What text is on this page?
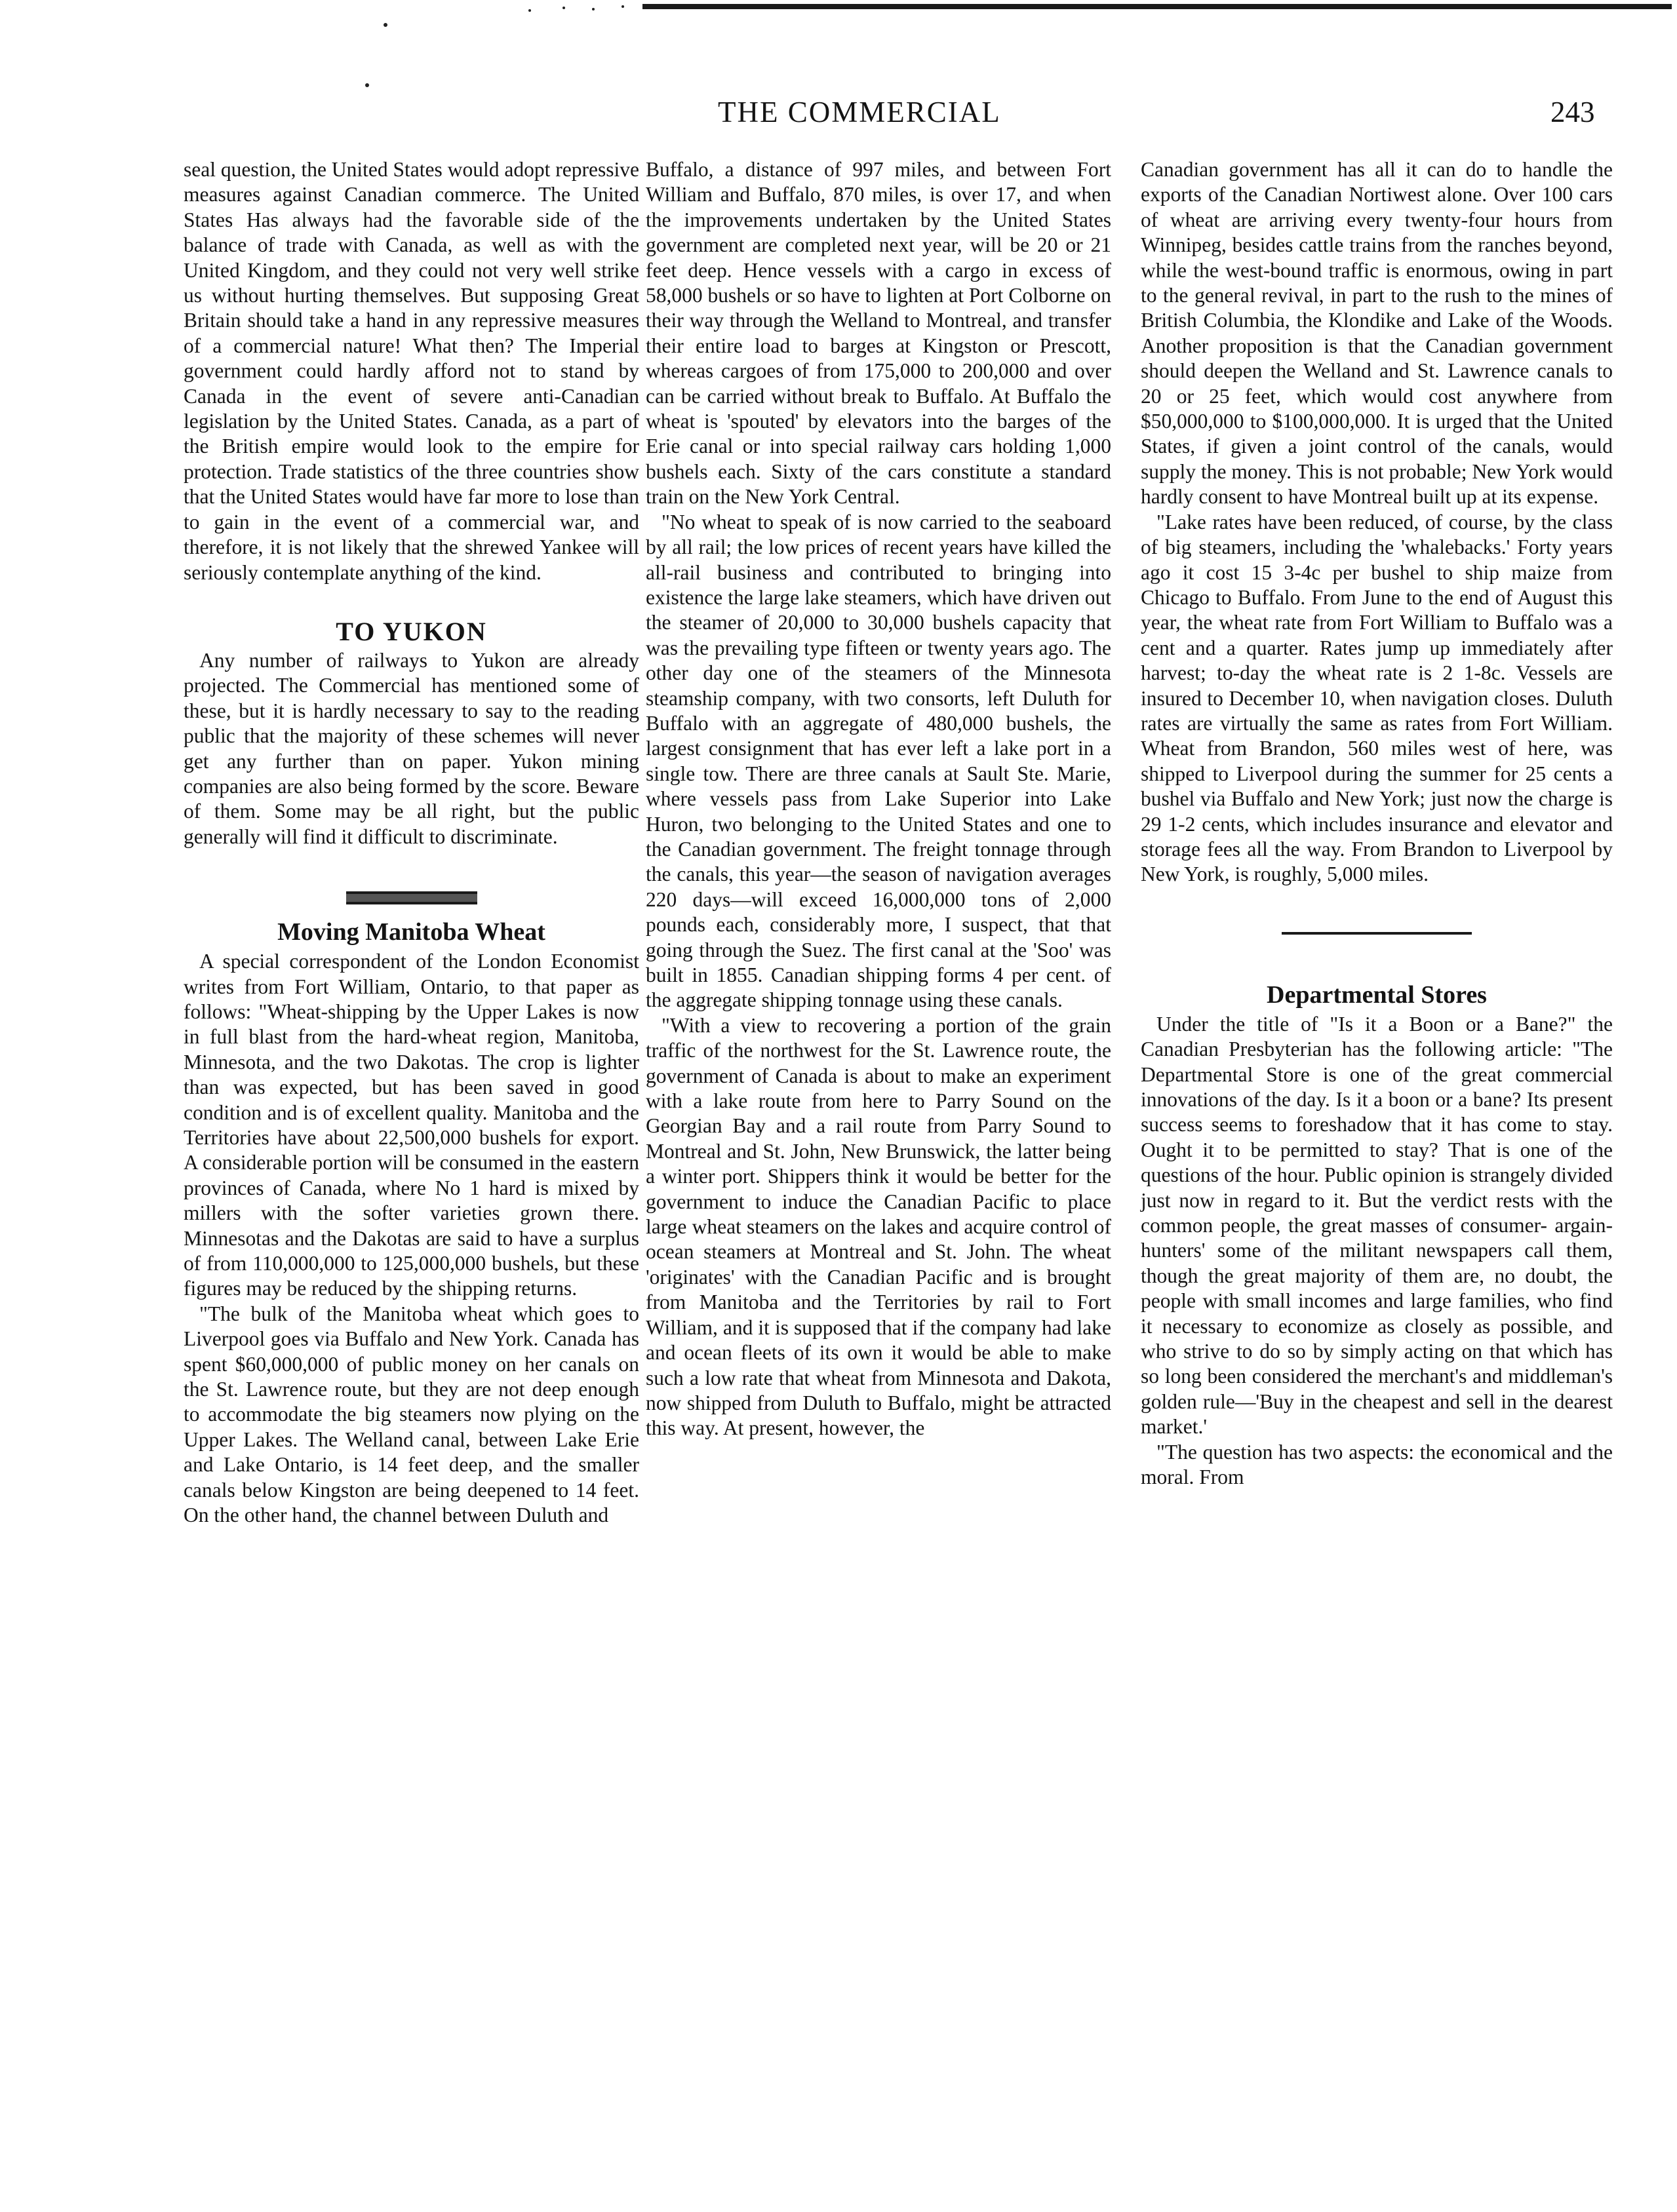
THE COMMERCIAL	243

seal question, the United States would adopt repressive measures against Canadian commerce. The United States Has always had the favorable side of the balance of trade with Canada, as well as with the United Kingdom, and they could not very well strike us without hurting themselves. But supposing Great Britain should take a hand in any repressive measures of a commercial nature! What then? The Imperial government could hardly afford not to stand by Canada in the event of severe anti-Canadian legislation by the United States. Canada, as a part of the British empire would look to the empire for protection. Trade statistics of the three countries show that the United States would have far more to lose than to gain in the event of a commercial war, and therefore, it is not likely that the shrewed Yankee will seriously contemplate anything of the kind.

TO YUKON

Any number of railways to Yukon are already projected. The Commercial has mentioned some of these, but it is hardly necessary to say to the reading public that the majority of these schemes will never get any further than on paper. Yukon mining companies are also being formed by the score. Beware of them. Some may be all right, but the public generally will find it difficult to discriminate.

Moving Manitoba Wheat

A special correspondent of the London Economist writes from Fort William, Ontario, to that paper as follows: "Wheat-shipping by the Upper Lakes is now in full blast from the hard-wheat region, Manitoba, Minnesota, and the two Dakotas. The crop is lighter than was expected, but has been saved in good condition and is of excellent quality. Manitoba and the Territories have about 22,500,000 bushels for export. A considerable portion will be consumed in the eastern provinces of Canada, where No 1 hard is mixed by millers with the softer varieties grown there. Minnesotas and the Dakotas are said to have a surplus of from 110,000,000 to 125,000,000 bushels, but these figures may be reduced by the shipping returns.

"The bulk of the Manitoba wheat which goes to Liverpool goes via Buffalo and New York. Canada has spent $60,000,000 of public money on her canals on the St. Lawrence route, but they are not deep enough to accommodate the big steamers now plying on the Upper Lakes. The Welland canal, between Lake Erie and Lake Ontario, is 14 feet deep, and the smaller canals below Kingston are being deepened to 14 feet. On the other hand, the channel between Duluth and

Buffalo, a distance of 997 miles, and between Fort William and Buffalo, 870 miles, is over 17, and when the improvements undertaken by the United States government are completed next year, will be 20 or 21 feet deep. Hence vessels with a cargo in excess of 58,000 bushels or so have to lighten at Port Colborne on their way through the Welland to Montreal, and transfer their entire load to barges at Kingston or Prescott, whereas cargoes of from 175,000 to 200,000 and over can be carried without break to Buffalo. At Buffalo the wheat is 'spouted' by elevators into the barges of the Erie canal or into special railway cars holding 1,000 bushels each. Sixty of the cars constitute a standard train on the New York Central.

"No wheat to speak of is now carried to the seaboard by all rail; the low prices of recent years have killed the all-rail business and contributed to bringing into existence the large lake steamers, which have driven out the steamer of 20,000 to 30,000 bushels capacity that was the prevailing type fifteen or twenty years ago. The other day one of the steamers of the Minnesota steamship company, with two consorts, left Duluth for Buffalo with an aggregate of 480,000 bushels, the largest consignment that has ever left a lake port in a single tow. There are three canals at Sault Ste. Marie, where vessels pass from Lake Superior into Lake Huron, two belonging to the United States and one to the Canadian government. The freight tonnage through the canals, this year—the season of navigation averages 220 days—will exceed 16,000,000 tons of 2,000 pounds each, considerably more, I suspect, that that going through the Suez. The first canal at the 'Soo' was built in 1855. Canadian shipping forms 4 per cent. of the aggregate shipping tonnage using these canals.

"With a view to recovering a portion of the grain traffic of the northwest for the St. Lawrence route, the government of Canada is about to make an experiment with a lake route from here to Parry Sound on the Georgian Bay and a rail route from Parry Sound to Montreal and St. John, New Brunswick, the latter being a winter port. Shippers think it would be better for the government to induce the Canadian Pacific to place large wheat steamers on the lakes and acquire control of ocean steamers at Montreal and St. John. The wheat 'originates' with the Canadian Pacific and is brought from Manitoba and the Territories by rail to Fort William, and it is supposed that if the company had lake and ocean fleets of its own it would be able to make such a low rate that wheat from Minnesota and Dakota, now shipped from Duluth to Buffalo, might be attracted this way. At present, however, the

Canadian government has all it can do to handle the exports of the Canadian Nortiwest alone. Over 100 cars of wheat are arriving every twenty-four hours from Winnipeg, besides cattle trains from the ranches beyond, while the west-bound traffic is enormous, owing in part to the general revival, in part to the rush to the mines of British Columbia, the Klondike and Lake of the Woods. Another proposition is that the Canadian government should deepen the Welland and St. Lawrence canals to 20 or 25 feet, which would cost anywhere from $50,000,000 to $100,000,000. It is urged that the United States, if given a joint control of the canals, would supply the money. This is not probable; New York would hardly consent to have Montreal built up at its expense.

"Lake rates have been reduced, of course, by the class of big steamers, including the 'whalebacks.' Forty years ago it cost 15 3-4c per bushel to ship maize from Chicago to Buffalo. From June to the end of August this year, the wheat rate from Fort William to Buffalo was a cent and a quarter. Rates jump up immediately after harvest; to-day the wheat rate is 2 1-8c. Vessels are insured to December 10, when navigation closes. Duluth rates are virtually the same as rates from Fort William. Wheat from Brandon, 560 miles west of here, was shipped to Liverpool during the summer for 25 cents a bushel via Buffalo and New York; just now the charge is 29 1-2 cents, which includes insurance and elevator and storage fees all the way. From Brandon to Liverpool by New York, is roughly, 5,000 miles.

Departmental Stores

Under the title of "Is it a Boon or a Bane?" the Canadian Presbyterian has the following article: "The Departmental Store is one of the great commercial innovations of the day. Is it a boon or a bane? Its present success seems to foreshadow that it has come to stay. Ought it to be permitted to stay? That is one of the questions of the hour. Public opinion is strangely divided just now in regard to it. But the verdict rests with the common people, the great masses of consumer- argain-hunters' some of the militant newspapers call them, though the great majority of them are, no doubt, the people with small incomes and large families, who find it necessary to economize as closely as possible, and who strive to do so by simply acting on that which has so long been considered the merchant's and middleman's golden rule—'Buy in the cheapest and sell in the dearest market.'

"The question has two aspects: the economical and the moral. From
